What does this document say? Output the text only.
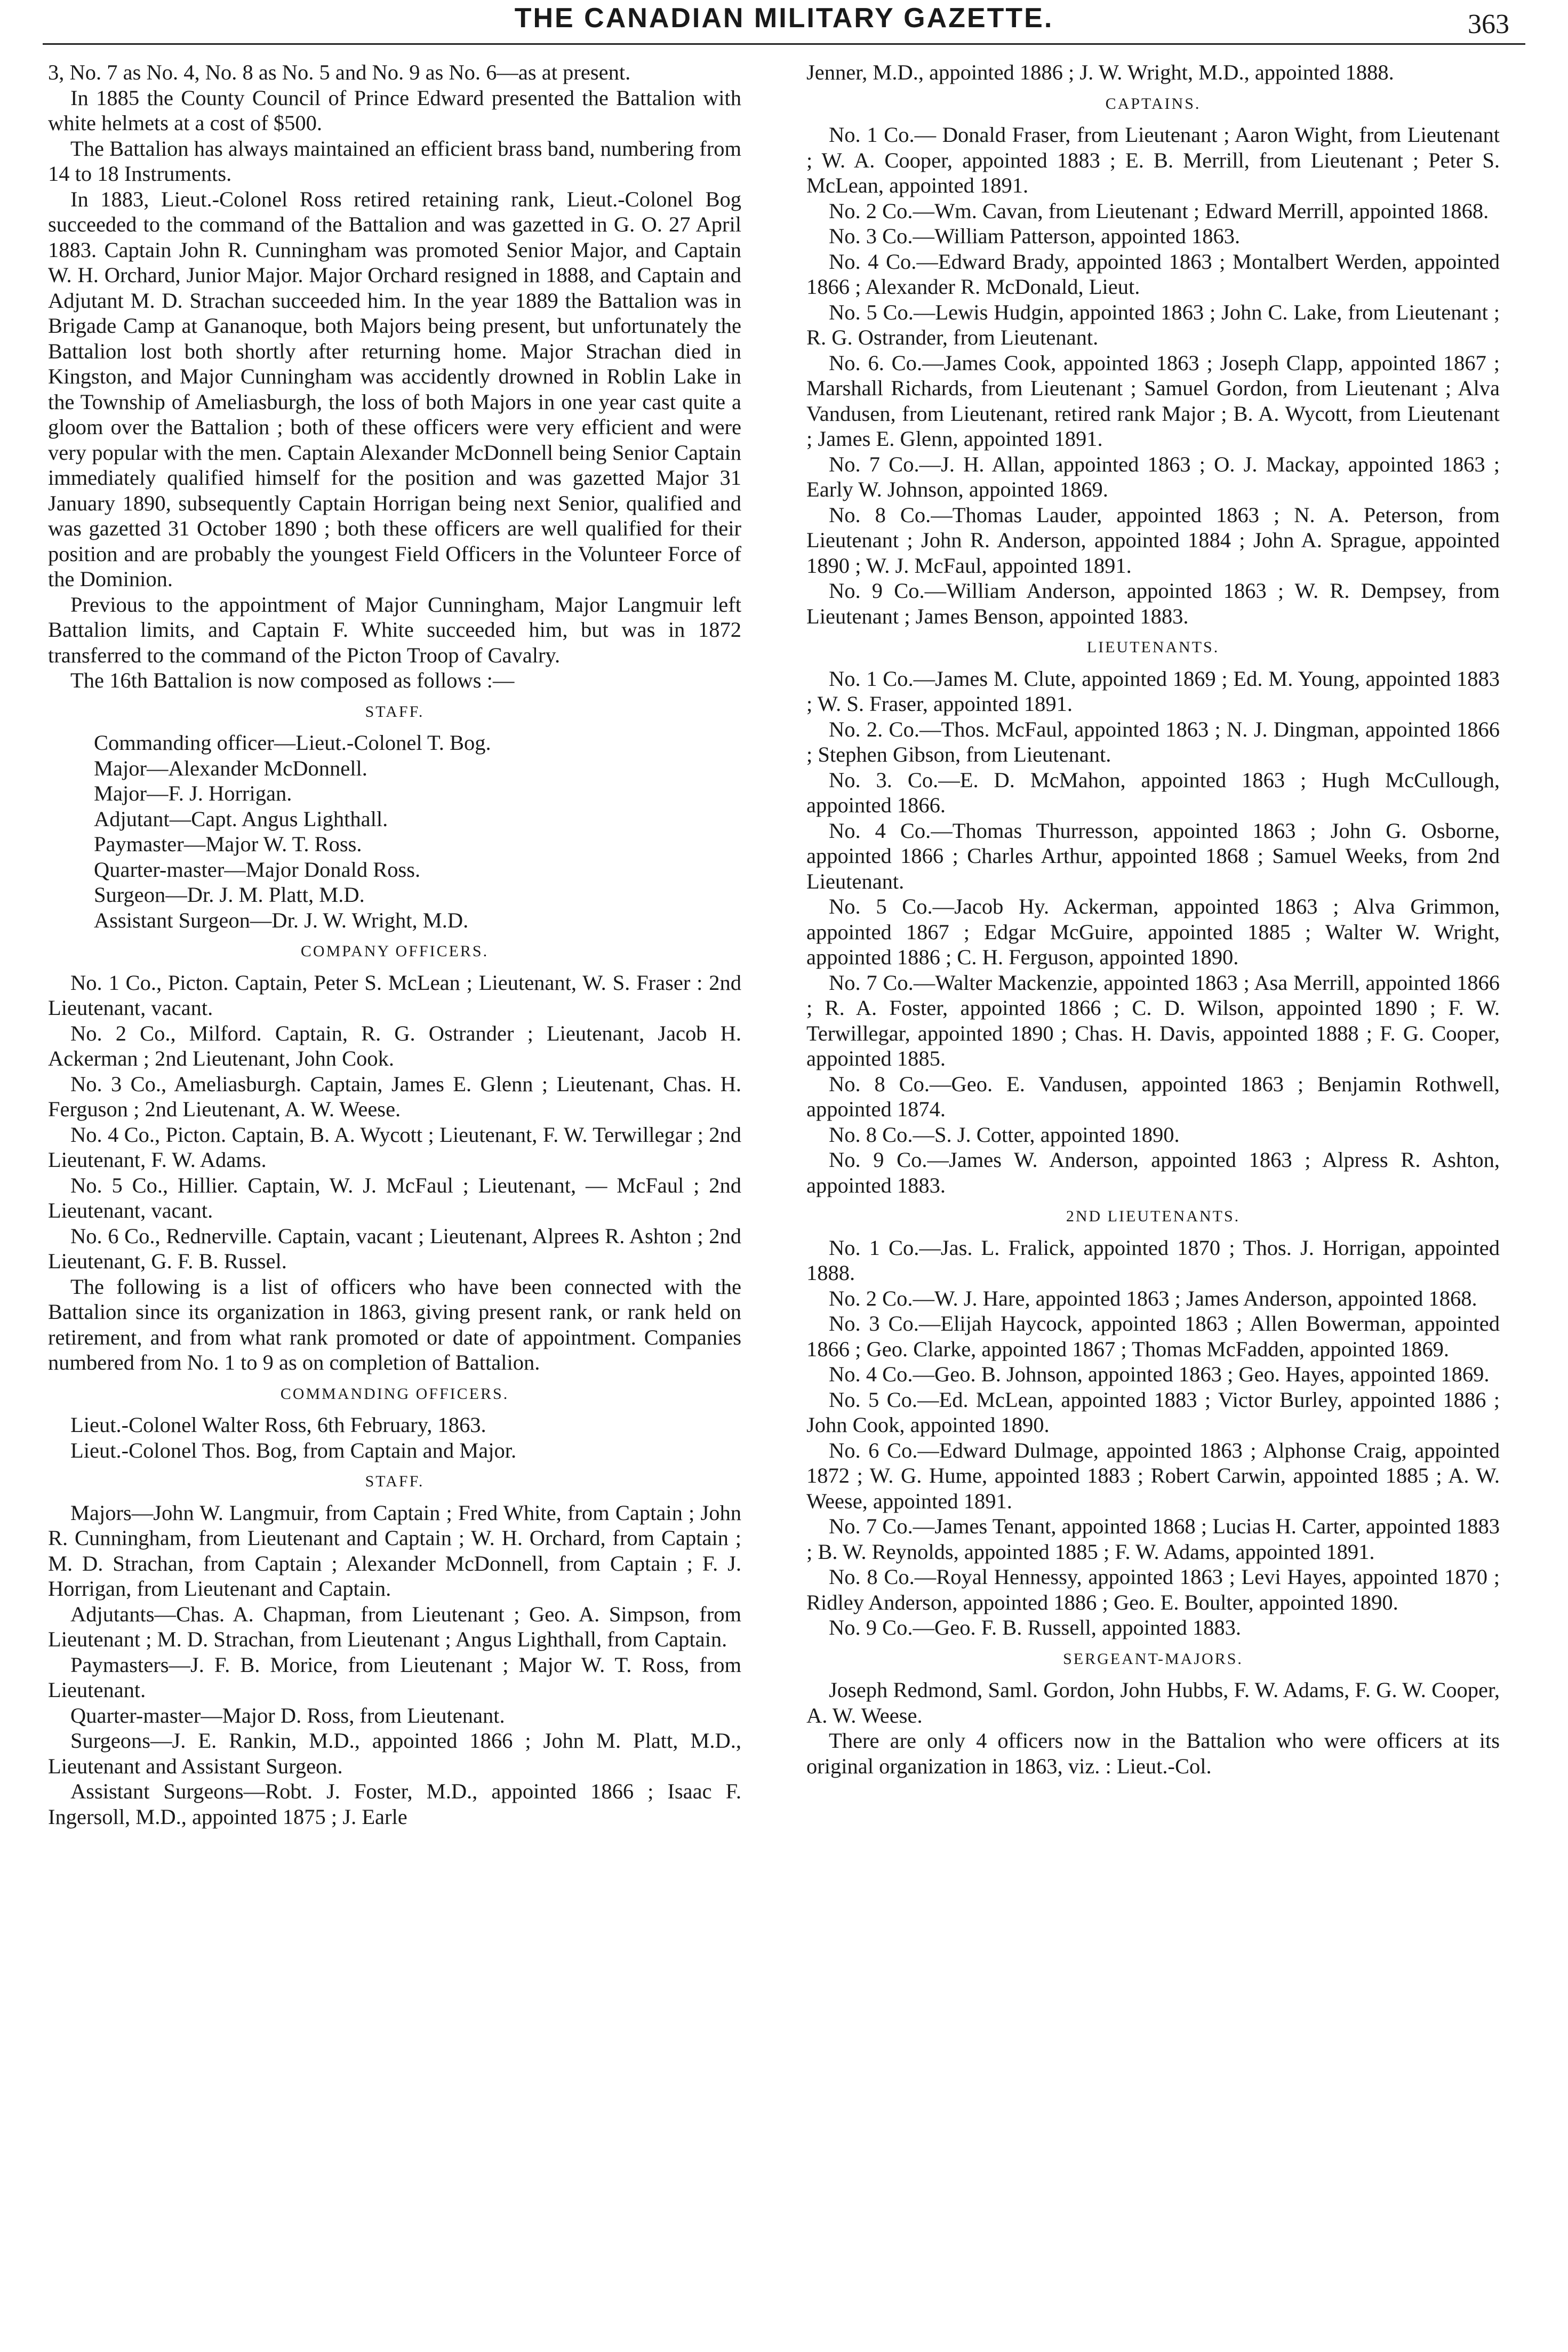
THE CANADIAN MILITARY GAZETTE.	363

3, No. 7 as No. 4, No. 8 as No. 5 and No. 9 as No. 6—as at present.

In 1885 the County Council of Prince Edward presented the Battalion with white helmets at a cost of $500.

The Battalion has always maintained an efficient brass band, numbering from 14 to 18 Instruments.

In 1883, Lieut.-Colonel Ross retired retaining rank, Lieut.-Colonel Bog succeeded to the command of the Battalion and was gazetted in G. O. 27 April 1883. Captain John R. Cunningham was promoted Senior Major, and Captain W. H. Orchard, Junior Major. Major Orchard resigned in 1888, and Captain and Adjutant M. D. Strachan succeeded him. In the year 1889 the Battalion was in Brigade Camp at Gananoque, both Majors being present, but unfortunately the Battalion lost both shortly after returning home. Major Strachan died in Kingston, and Major Cunningham was accidently drowned in Roblin Lake in the Township of Ameliasburgh, the loss of both Majors in one year cast quite a gloom over the Battalion ; both of these officers were very efficient and were very popular with the men. Captain Alexander McDonnell being Senior Captain immediately qualified himself for the position and was gazetted Major 31 January 1890, subsequently Captain Horrigan being next Senior, qualified and was gazetted 31 October 1890 ; both these officers are well qualified for their position and are probably the youngest Field Officers in the Volunteer Force of the Dominion.

Previous to the appointment of Major Cunningham, Major Langmuir left Battalion limits, and Captain F. White succeeded him, but was in 1872 transferred to the command of the Picton Troop of Cavalry.

The 16th Battalion is now composed as follows :—

STAFF.
Commanding officer—Lieut.-Colonel T. Bog.
Major—Alexander McDonnell.
Major—F. J. Horrigan.
Adjutant—Capt. Angus Lighthall.
Paymaster—Major W. T. Ross.
Quarter-master—Major Donald Ross.
Surgeon—Dr. J. M. Platt, M.D.
Assistant Surgeon—Dr. J. W. Wright, M.D.
COMPANY OFFICERS.

No. 1 Co., Picton. Captain, Peter S. McLean ; Lieutenant, W. S. Fraser : 2nd Lieutenant, vacant.

No. 2 Co., Milford. Captain, R. G. Ostrander ; Lieutenant, Jacob H. Ackerman ; 2nd Lieutenant, John Cook.

No. 3 Co., Ameliasburgh. Captain, James E. Glenn ; Lieutenant, Chas. H. Ferguson ; 2nd Lieutenant, A. W. Weese.

No. 4 Co., Picton. Captain, B. A. Wycott ; Lieutenant, F. W. Terwillegar ; 2nd Lieutenant, F. W. Adams.

No. 5 Co., Hillier. Captain, W. J. McFaul ; Lieutenant, — McFaul ; 2nd Lieutenant, vacant.

No. 6 Co., Rednerville. Captain, vacant ; Lieutenant, Alprees R. Ashton ; 2nd Lieutenant, G. F. B. Russel.

The following is a list of officers who have been connected with the Battalion since its organization in 1863, giving present rank, or rank held on retirement, and from what rank promoted or date of appointment. Companies numbered from No. 1 to 9 as on completion of Battalion.

COMMANDING OFFICERS.

Lieut.-Colonel Walter Ross, 6th February, 1863.

Lieut.-Colonel Thos. Bog, from Captain and Major.

STAFF.

Majors—John W. Langmuir, from Captain ; Fred White, from Captain ; John R. Cunningham, from Lieutenant and Captain ; W. H. Orchard, from Captain ; M. D. Strachan, from Captain ; Alexander McDonnell, from Captain ; F. J. Horrigan, from Lieutenant and Captain.

Adjutants—Chas. A. Chapman, from Lieutenant ; Geo. A. Simpson, from Lieutenant ; M. D. Strachan, from Lieutenant ; Angus Lighthall, from Captain.

Paymasters—J. F. B. Morice, from Lieutenant ; Major W. T. Ross, from Lieutenant.

Quarter-master—Major D. Ross, from Lieutenant.

Surgeons—J. E. Rankin, M.D., appointed 1866 ; John M. Platt, M.D., Lieutenant and Assistant Surgeon.

Assistant Surgeons—Robt. J. Foster, M.D., appointed 1866 ; Isaac F. Ingersoll, M.D., appointed 1875 ; J. Earle

Jenner, M.D., appointed 1886 ; J. W. Wright, M.D., appointed 1888.

CAPTAINS.

No. 1 Co.— Donald Fraser, from Lieutenant ; Aaron Wight, from Lieutenant ; W. A. Cooper, appointed 1883 ; E. B. Merrill, from Lieutenant ; Peter S. McLean, appointed 1891.

No. 2 Co.—Wm. Cavan, from Lieutenant ; Edward Merrill, appointed 1868.

No. 3 Co.—William Patterson, appointed 1863.

No. 4 Co.—Edward Brady, appointed 1863 ; Montalbert Werden, appointed 1866 ; Alexander R. McDonald, Lieut.

No. 5 Co.—Lewis Hudgin, appointed 1863 ; John C. Lake, from Lieutenant ; R. G. Ostrander, from Lieutenant.

No. 6. Co.—James Cook, appointed 1863 ; Joseph Clapp, appointed 1867 ; Marshall Richards, from Lieutenant ; Samuel Gordon, from Lieutenant ; Alva Vandusen, from Lieutenant, retired rank Major ; B. A. Wycott, from Lieutenant ; James E. Glenn, appointed 1891.

No. 7 Co.—J. H. Allan, appointed 1863 ; O. J. Mackay, appointed 1863 ; Early W. Johnson, appointed 1869.

No. 8 Co.—Thomas Lauder, appointed 1863 ; N. A. Peterson, from Lieutenant ; John R. Anderson, appointed 1884 ; John A. Sprague, appointed 1890 ; W. J. McFaul, appointed 1891.

No. 9 Co.—William Anderson, appointed 1863 ; W. R. Dempsey, from Lieutenant ; James Benson, appointed 1883.

LIEUTENANTS.

No. 1 Co.—James M. Clute, appointed 1869 ; Ed. M. Young, appointed 1883 ; W. S. Fraser, appointed 1891.

No. 2. Co.—Thos. McFaul, appointed 1863 ; N. J. Dingman, appointed 1866 ; Stephen Gibson, from Lieutenant.

No. 3. Co.—E. D. McMahon, appointed 1863 ; Hugh McCullough, appointed 1866.

No. 4 Co.—Thomas Thurresson, appointed 1863 ; John G. Osborne, appointed 1866 ; Charles Arthur, appointed 1868 ; Samuel Weeks, from 2nd Lieutenant.

No. 5 Co.—Jacob Hy. Ackerman, appointed 1863 ; Alva Grimmon, appointed 1867 ; Edgar McGuire, appointed 1885 ; Walter W. Wright, appointed 1886 ; C. H. Ferguson, appointed 1890.

No. 7 Co.—Walter Mackenzie, appointed 1863 ; Asa Merrill, appointed 1866 ; R. A. Foster, appointed 1866 ; C. D. Wilson, appointed 1890 ; F. W. Terwillegar, appointed 1890 ; Chas. H. Davis, appointed 1888 ; F. G. Cooper, appointed 1885.

No. 8 Co.—Geo. E. Vandusen, appointed 1863 ; Benjamin Rothwell, appointed 1874.

No. 8 Co.—S. J. Cotter, appointed 1890.

No. 9 Co.—James W. Anderson, appointed 1863 ; Alpress R. Ashton, appointed 1883.

2ND LIEUTENANTS.

No. 1 Co.—Jas. L. Fralick, appointed 1870 ; Thos. J. Horrigan, appointed 1888.

No. 2 Co.—W. J. Hare, appointed 1863 ; James Anderson, appointed 1868.

No. 3 Co.—Elijah Haycock, appointed 1863 ; Allen Bowerman, appointed 1866 ; Geo. Clarke, appointed 1867 ; Thomas McFadden, appointed 1869.

No. 4 Co.—Geo. B. Johnson, appointed 1863 ; Geo. Hayes, appointed 1869.

No. 5 Co.—Ed. McLean, appointed 1883 ; Victor Burley, appointed 1886 ; John Cook, appointed 1890.

No. 6 Co.—Edward Dulmage, appointed 1863 ; Alphonse Craig, appointed 1872 ; W. G. Hume, appointed 1883 ; Robert Carwin, appointed 1885 ; A. W. Weese, appointed 1891.

No. 7 Co.—James Tenant, appointed 1868 ; Lucias H. Carter, appointed 1883 ; B. W. Reynolds, appointed 1885 ; F. W. Adams, appointed 1891.

No. 8 Co.—Royal Hennessy, appointed 1863 ; Levi Hayes, appointed 1870 ; Ridley Anderson, appointed 1886 ; Geo. E. Boulter, appointed 1890.

No. 9 Co.—Geo. F. B. Russell, appointed 1883.

SERGEANT-MAJORS.

Joseph Redmond, Saml. Gordon, John Hubbs, F. W. Adams, F. G. W. Cooper, A. W. Weese.

There are only 4 officers now in the Battalion who were officers at its original organization in 1863, viz. : Lieut.-Col.
